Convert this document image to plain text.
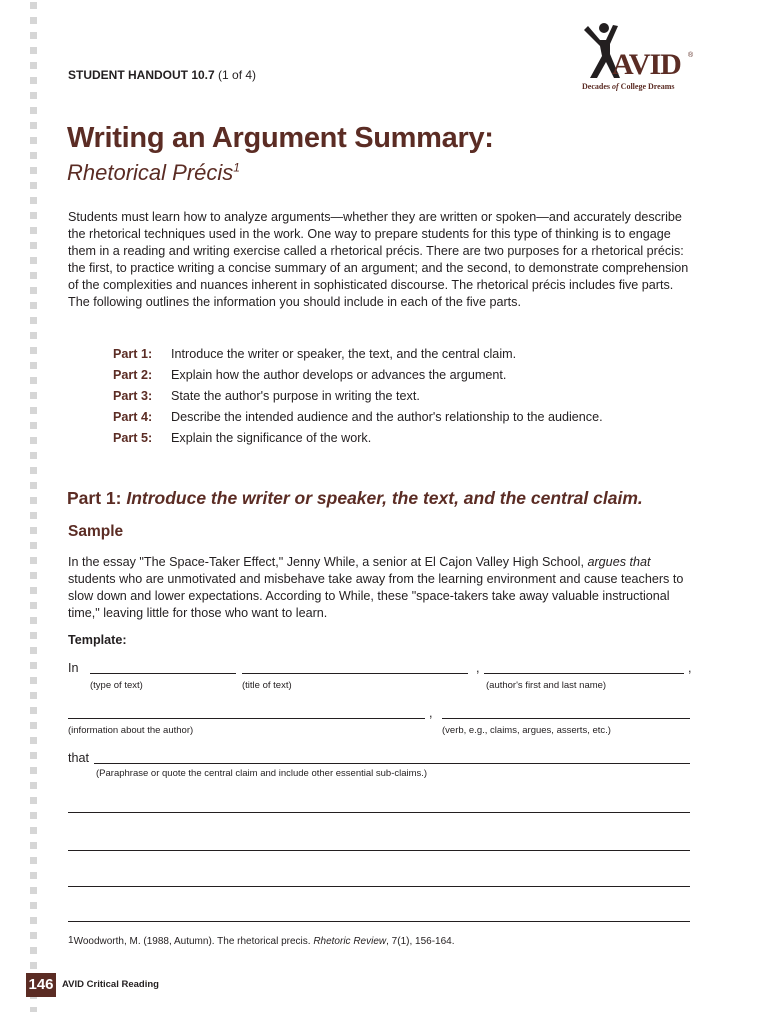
STUDENT HANDOUT 10.7 (1 of 4)	AVID ®
Decades of College Dreams
Writing an Argument Summary:
Rhetorical Précis$^1$
Students must learn how to analyze arguments—whether they are written or spoken—and accurately describe the rhetorical techniques used in the work. One way to prepare students for this type of thinking is to engage them in a reading and writing exercise called a rhetorical précis. There are two purposes for a rhetorical précis: the first, to practice writing a concise summary of an argument; and the second, to demonstrate comprehension of the complexities and nuances inherent in sophisticated discourse. The rhetorical précis includes five parts. The following outlines the information you should include in each of the five parts.
Part 1: Introduce the writer or speaker, the text, and the central claim.
Part 2: Explain how the author develops or advances the argument.
Part 3: State the author's purpose in writing the text.
Part 4: Describe the intended audience and the author's relationship to the audience.
Part 5: Explain the significance of the work.
Part 1: Introduce the writer or speaker, the text, and the central claim.
Sample
In the essay "The Space-Taker Effect," Jenny While, a senior at El Cajon Valley High School, argues that students who are unmotivated and misbehave take away from the learning environment and cause teachers to slow down and lower expectations. According to While, these "space-takers take away valuable instructional time," leaving little for those who want to learn.
Template:
In	,	,
(type of text)	(title of text)	(author's first and last name)
,
(information about the author)	(verb, e.g., claims, argues, asserts, etc.)
that
(Paraphrase or quote the central claim and include other essential sub-claims.)
$^1$Woodworth, M. (1988, Autumn). The rhetorical precis. Rhetoric Review, 7(1), 156-164.
146 AVID Critical Reading
